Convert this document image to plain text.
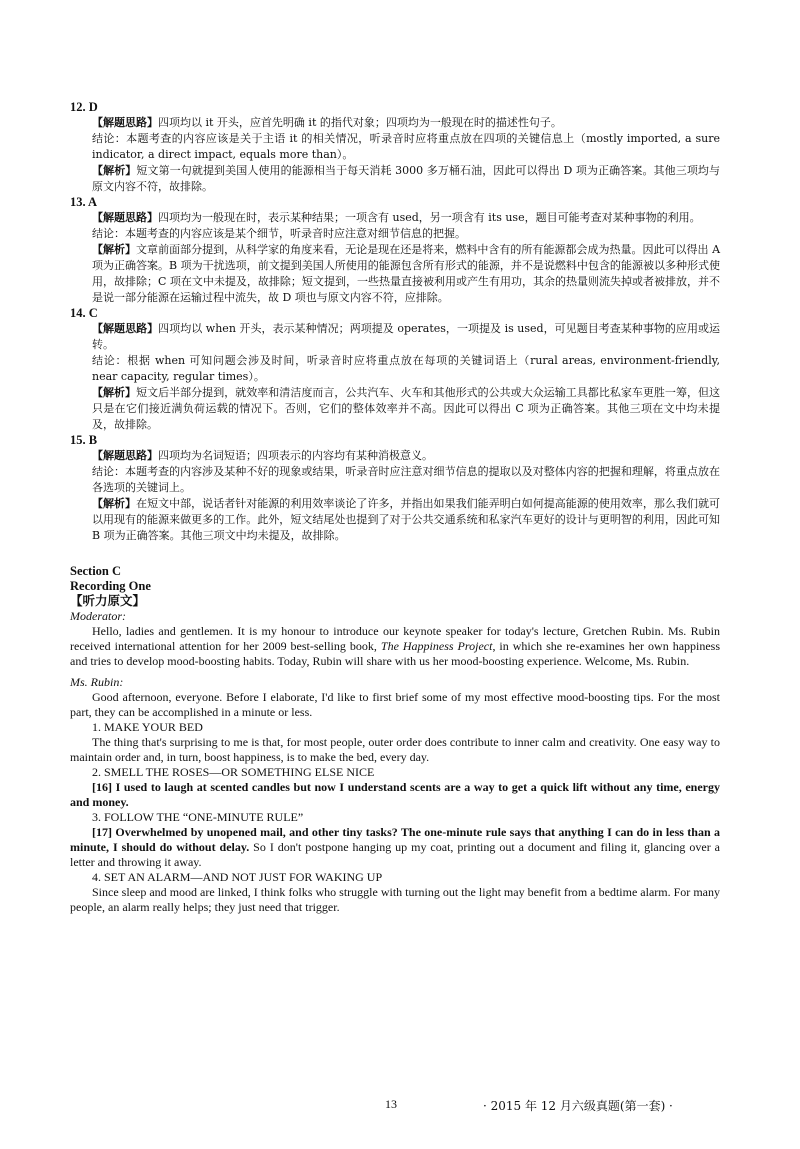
12. D

【解题思路】四项均以 it 开头，应首先明确 it 的指代对象；四项均为一般现在时的描述性句子。

结论：本题考查的内容应该是关于主语 it 的相关情况，听录音时应将重点放在四项的关键信息上（mostly imported, a sure indicator, a direct impact, equals more than）。

【解析】短文第一句就提到美国人使用的能源相当于每天消耗 3000 多万桶石油，因此可以得出 D 项为正确答案。其他三项均与原文内容不符，故排除。

13. A

【解题思路】四项均为一般现在时，表示某种结果；一项含有 used，另一项含有 its use，题目可能考查对某种事物的利用。

结论：本题考查的内容应该是某个细节，听录音时应注意对细节信息的把握。

【解析】文章前面部分提到，从科学家的角度来看，无论是现在还是将来，燃料中含有的所有能源都会成为热量。因此可以得出 A 项为正确答案。B 项为干扰选项，前文提到美国人所使用的能源包含所有形式的能源，并不是说燃料中包含的能源被以多种形式使用，故排除；C 项在文中未提及，故排除；短文提到，一些热量直接被利用或产生有用功，其余的热量则流失掉或者被排放，并不是说一部分能源在运输过程中流失，故 D 项也与原文内容不符，应排除。

14. C

【解题思路】四项均以 when 开头，表示某种情况；两项提及 operates，一项提及 is used，可见题目考查某种事物的应用或运转。

结论：根据 when 可知问题会涉及时间，听录音时应将重点放在每项的关键词语上（rural areas, environment-friendly, near capacity, regular times）。

【解析】短文后半部分提到，就效率和清洁度而言，公共汽车、火车和其他形式的公共或大众运输工具都比私家车更胜一筹，但这只是在它们接近满负荷运载的情况下。否则，它们的整体效率并不高。因此可以得出 C 项为正确答案。其他三项在文中均未提及，故排除。

15. B

【解题思路】四项均为名词短语；四项表示的内容均有某种消极意义。

结论：本题考查的内容涉及某种不好的现象或结果，听录音时应注意对细节信息的提取以及对整体内容的把握和理解，将重点放在各选项的关键词上。

【解析】在短文中部，说话者针对能源的利用效率谈论了许多，并指出如果我们能弄明白如何提高能源的使用效率，那么我们就可以用现有的能源来做更多的工作。此外，短文结尾处也提到了对于公共交通系统和私家汽车更好的设计与更明智的利用，因此可知 B 项为正确答案。其他三项文中均未提及，故排除。

Section C

Recording One

【听力原文】

Moderator:

Hello, ladies and gentlemen. It is my honour to introduce our keynote speaker for today's lecture, Gretchen Rubin. Ms. Rubin received international attention for her 2009 best-selling book, The Happiness Project, in which she re-examines her own happiness and tries to develop mood-boosting habits. Today, Rubin will share with us her mood-boosting experience. Welcome, Ms. Rubin.

Ms. Rubin:

Good afternoon, everyone. Before I elaborate, I'd like to first brief some of my most effective mood-boosting tips. For the most part, they can be accomplished in a minute or less.

1. MAKE YOUR BED

The thing that's surprising to me is that, for most people, outer order does contribute to inner calm and creativity. One easy way to maintain order and, in turn, boost happiness, is to make the bed, every day.

2. SMELL THE ROSES—OR SOMETHING ELSE NICE

[16] I used to laugh at scented candles but now I understand scents are a way to get a quick lift without any time, energy and money.

3. FOLLOW THE “ONE-MINUTE RULE”

[17] Overwhelmed by unopened mail, and other tiny tasks? The one-minute rule says that anything I can do in less than a minute, I should do without delay. So I don't postpone hanging up my coat, printing out a document and filing it, glancing over a letter and throwing it away.

4. SET AN ALARM—AND NOT JUST FOR WAKING UP

Since sleep and mood are linked, I think folks who struggle with turning out the light may benefit from a bedtime alarm. For many people, an alarm really helps; they just need that trigger.

13	· 2015 年 12 月六级真题(第一套) ·
